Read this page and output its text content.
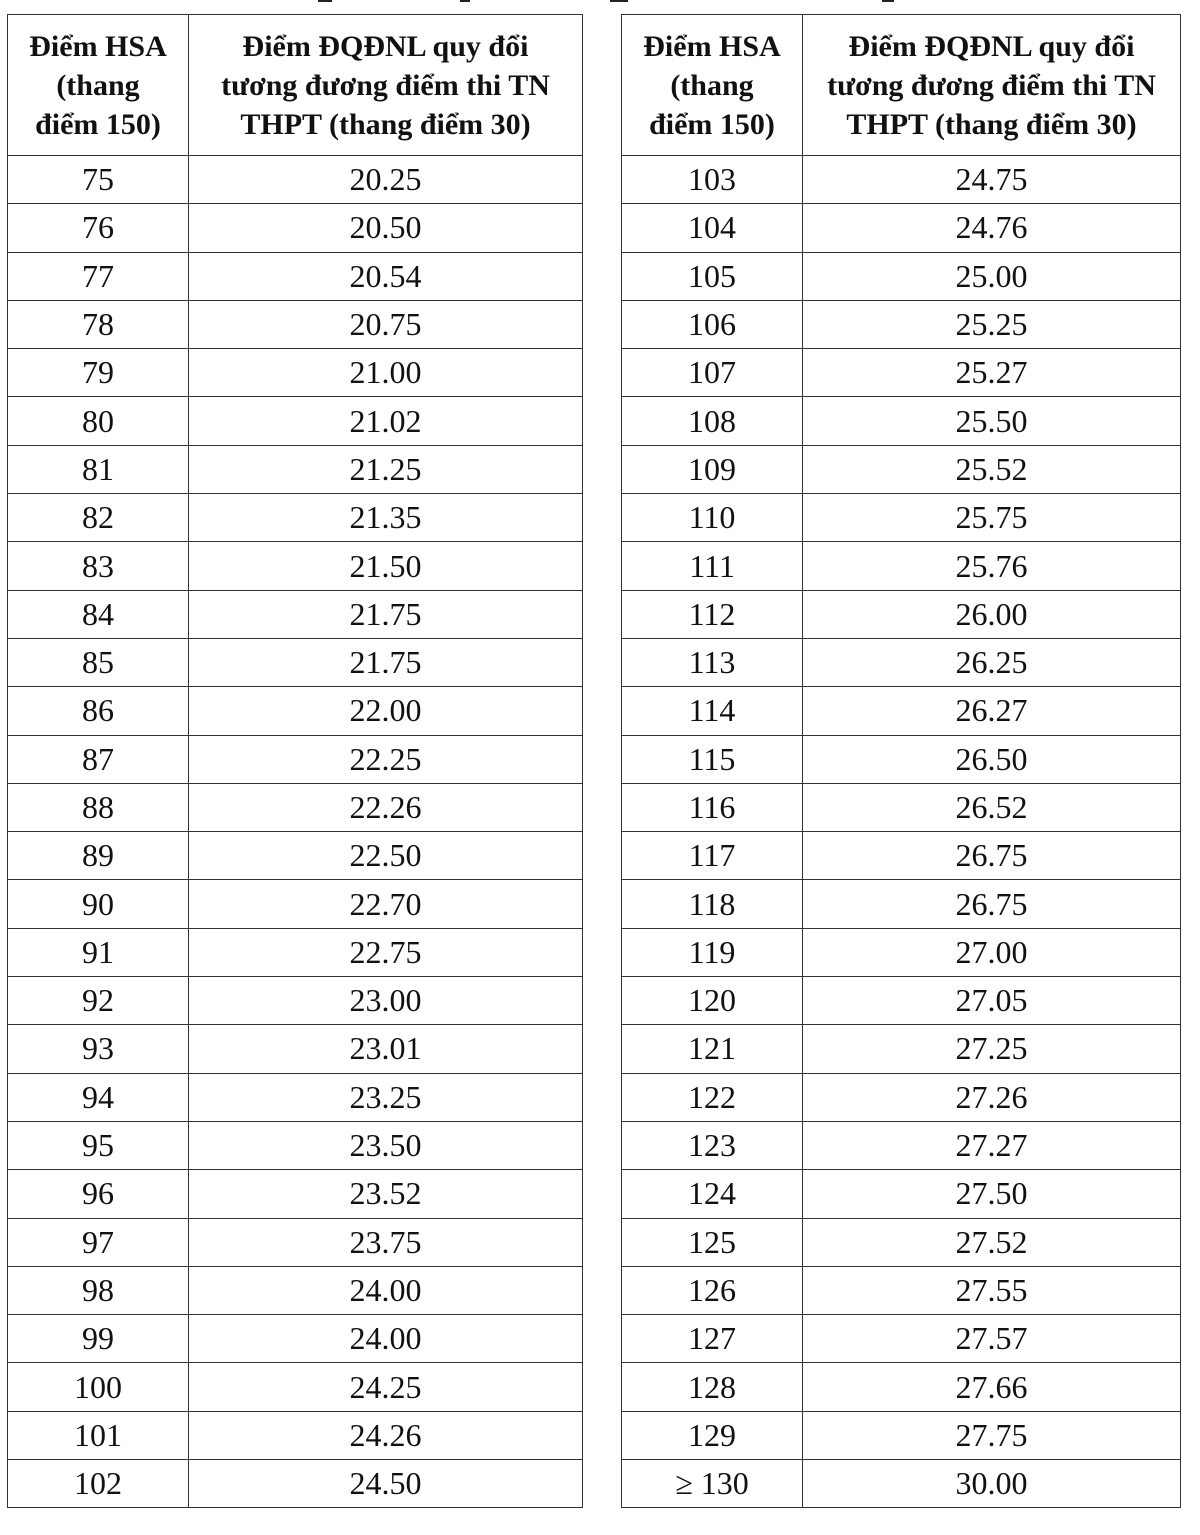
Điểm HSA
(thang
điểm 150)	Điểm ĐQĐNL quy đổi
tương đương điểm thi TN
THPT (thang điểm 30)

75	20.25
76	20.50
77	20.54
78	20.75
79	21.00
80	21.02
81	21.25
82	21.35
83	21.50
84	21.75
85	21.75
86	22.00
87	22.25
88	22.26
89	22.50
90	22.70
91	22.75
92	23.00
93	23.01
94	23.25
95	23.50
96	23.52
97	23.75
98	24.00
99	24.00
100	24.25
101	24.26
102	24.50
Điểm HSA
(thang
điểm 150)	Điểm ĐQĐNL quy đổi
tương đương điểm thi TN
THPT (thang điểm 30)

103	24.75
104	24.76
105	25.00
106	25.25
107	25.27
108	25.50
109	25.52
110	25.75
111	25.76
112	26.00
113	26.25
114	26.27
115	26.50
116	26.52
117	26.75
118	26.75
119	27.00
120	27.05
121	27.25
122	27.26
123	27.27
124	27.50
125	27.52
126	27.55
127	27.57
128	27.66
129	27.75
≥ 130	30.00
